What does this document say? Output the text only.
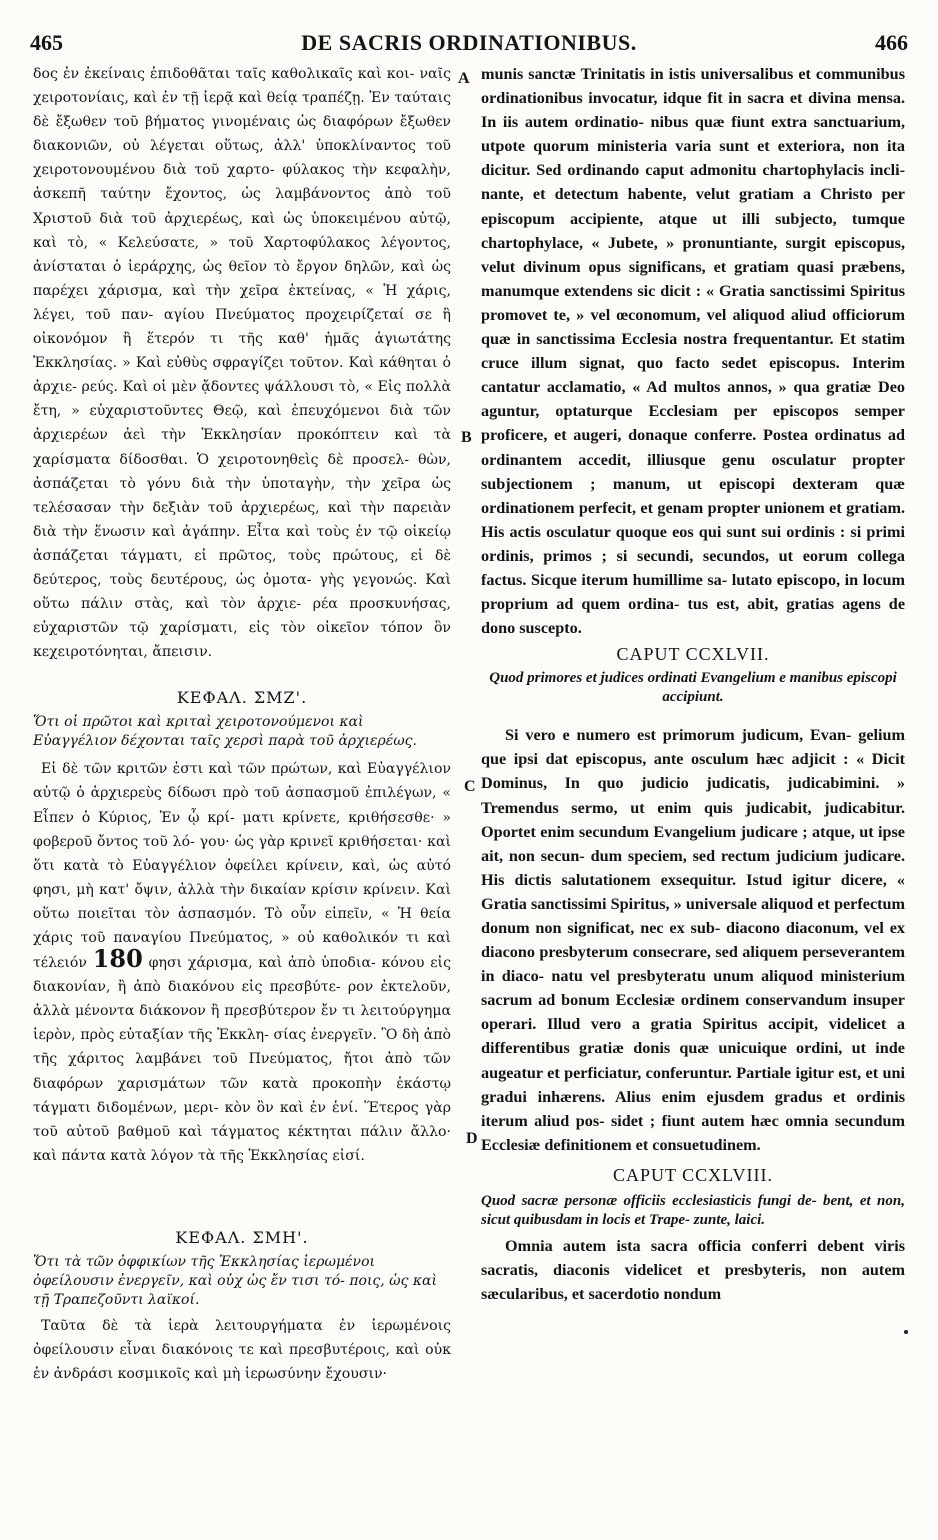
465	DE SACRIS ORDINATIONIBUS.	466
A
B
C
D

δος ἐν ἐκείναις ἐπιδοθᾶται ταῖς καθολικαῖς καὶ κοι- ναῖς χειροτονίαις, καὶ ἐν τῇ ἱερᾷ καὶ θείᾳ τραπέζῃ. Ἐν ταύταις δὲ ἔξωθεν τοῦ βήματος γινομέναις ὡς διαφόρων ἔξωθεν διακονιῶν, οὐ λέγεται οὕτως, ἀλλ' ὑποκλίναντος τοῦ χειροτονουμένου διὰ τοῦ χαρτο- φύλακος τὴν κεφαλὴν, ἀσκεπῆ ταύτην ἔχοντος, ὡς λαμβάνοντος ἀπὸ τοῦ Χριστοῦ διὰ τοῦ ἀρχιερέως, καὶ ὡς ὑποκειμένου αὐτῷ, καὶ τὸ, « Κελεύσατε, » τοῦ Χαρτοφύλακος λέγοντος, ἀνίσταται ὁ ἱεράρχης, ὡς θεῖον τὸ ἔργον δηλῶν, καὶ ὡς παρέχει χάρισμα, καὶ τὴν χεῖρα ἐκτείνας, « Ἡ χάρις, λέγει, τοῦ παν- αγίου Πνεύματος προχειρίζεταί σε ἢ οἰκονόμον ἢ ἕτερόν τι τῆς καθ' ἡμᾶς ἁγιωτάτης Ἐκκλησίας. » Καὶ εὐθὺς σφραγίζει τοῦτον. Καὶ κάθηται ὁ ἀρχιε- ρεύς. Καὶ οἱ μὲν ᾄδοντες ψάλλουσι τὸ, « Εἰς πολλὰ ἔτη, » εὐχαριστοῦντες Θεῷ, καὶ ἐπευχόμενοι διὰ τῶν ἀρχιερέων ἀεὶ τὴν Ἐκκλησίαν προκόπτειν καὶ τὰ χαρίσματα δίδοσθαι. Ὁ χειροτονηθεὶς δὲ προσελ- θὼν, ἀσπάζεται τὸ γόνυ διὰ τὴν ὑποταγὴν, τὴν χεῖρα ὡς τελέσασαν τὴν δεξιὰν τοῦ ἀρχιερέως, καὶ τὴν παρειὰν διὰ τὴν ἕνωσιν καὶ ἀγάπην. Εἶτα καὶ τοὺς ἐν τῷ οἰκείῳ ἀσπάζεται τάγματι, εἰ πρῶτος, τοὺς πρώτους, εἰ δὲ δεύτερος, τοὺς δευτέρους, ὡς ὁμοτα- γὴς γεγονώς. Καὶ οὕτω πάλιν στὰς, καὶ τὸν ἀρχιε- ρέα προσκυνήσας, εὐχαριστῶν τῷ χαρίσματι, εἰς τὸν οἰκεῖον τόπον ὃν κεχειροτόνηται, ἄπεισιν.

ΚΕΦΑΛ. ΣΜΖ'.

Ὅτι οἱ πρῶτοι καὶ κριταὶ χειροτονούμενοι καὶ Εὐαγγέλιον δέχονται ταῖς χερσὶ παρὰ τοῦ ἀρχιερέως.

Εἰ δὲ τῶν κριτῶν ἐστι καὶ τῶν πρώτων, καὶ Εὐαγγέλιον αὐτῷ ὁ ἀρχιερεὺς δίδωσι πρὸ τοῦ ἀσπασμοῦ ἐπιλέγων, « Εἶπεν ὁ Κύριος, Ἐν ᾧ κρί- ματι κρίνετε, κριθήσεσθε· » φοβεροῦ ὄντος τοῦ λό- γου· ὡς γὰρ κρινεῖ κριθήσεται· καὶ ὅτι κατὰ τὸ Εὐαγγέλιον ὀφείλει κρίνειν, καὶ, ὡς αὐτό φησι, μὴ κατ' ὄψιν, ἀλλὰ τὴν δικαίαν κρίσιν κρίνειν. Καὶ οὕτω ποιεῖται τὸν ἀσπασμόν. Τὸ οὖν εἰπεῖν, « Ἡ θεία χάρις τοῦ παναγίου Πνεύματος, » οὐ καθολικόν τι καὶ τέλειόν 180 φησι χάρισμα, καὶ ἀπὸ ὑποδια- κόνου εἰς διακονίαν, ἢ ἀπὸ διακόνου εἰς πρεσβύτε- ρον ἐκτελοῦν, ἀλλὰ μένοντα διάκονον ἢ πρεσβύτερον ἔν τι λειτούργημα ἱερὸν, πρὸς εὐταξίαν τῆς Ἐκκλη- σίας ἐνεργεῖν. Ὃ δὴ ἀπὸ τῆς χάριτος λαμβάνει τοῦ Πνεύματος, ἤτοι ἀπὸ τῶν διαφόρων χαρισμάτων τῶν κατὰ προκοπὴν ἑκάστῳ τάγματι διδομένων, μερι- κὸν ὂν καὶ ἐν ἑνί. Ἕτερος γὰρ τοῦ αὐτοῦ βαθμοῦ καὶ τάγματος κέκτηται πάλιν ἄλλο· καὶ πάντα κατὰ λόγον τὰ τῆς Ἐκκλησίας εἰσί.

ΚΕΦΑΛ. ΣΜΗ'.

Ὅτι τὰ τῶν ὀφφικίων τῆς Ἐκκλησίας ἱερωμένοι ὀφείλουσιν ἐνεργεῖν, καὶ οὐχ ὡς ἔν τισι τό- ποις, ὡς καὶ τῇ Τραπεζοῦντι λαϊκοί.

Ταῦτα δὲ τὰ ἱερὰ λειτουργήματα ἐν ἱερωμένοις ὀφείλουσιν εἶναι διακόνοις τε καὶ πρεσβυτέροις, καὶ οὐκ ἐν ἀνδράσι κοσμικοῖς καὶ μὴ ἱερωσύνην ἔχουσιν·

munis sanctæ Trinitatis in istis universalibus et communibus ordinationibus invocatur, idque fit in sacra et divina mensa. In iis autem ordinatio- nibus quæ fiunt extra sanctuarium, utpote quorum ministeria varia sunt et exteriora, non ita dicitur. Sed ordinando caput admonitu chartophylacis incli- nante, et detectum habente, velut gratiam a Christo per episcopum accipiente, atque ut illi subjecto, tumque chartophylace, « Jubete, » pronuntiante, surgit episcopus, velut divinum opus significans, et gratiam quasi præbens, manumque extendens sic dicit : « Gratia sanctissimi Spiritus promovet te, » vel œconomum, vel aliquod aliud officiorum quæ in sanctissima Ecclesia nostra frequentantur. Et statim cruce illum signat, quo facto sedet episcopus. Interim cantatur acclamatio, « Ad multos annos, » qua gratiæ Deo aguntur, optaturque Ecclesiam per episcopos semper proficere, et augeri, donaque conferre. Postea ordinatus ad ordinantem accedit, illiusque genu osculatur propter subjectionem ; manum, ut episcopi dexteram quæ ordinationem perfecit, et genam propter unionem et gratiam. His actis osculatur quoque eos qui sunt sui ordinis : si primi ordinis, primos ; si secundi, secundos, ut eorum collega factus. Sicque iterum humillime sa- lutato episcopo, in locum proprium ad quem ordina- tus est, abit, gratias agens de dono suscepto.

CAPUT CCXLVII.

Quod primores et judices ordinati Evangelium e manibus episcopi accipiunt.

Si vero e numero est primorum judicum, Evan- gelium que ipsi dat episcopus, ante osculum hæc adjicit : « Dicit Dominus, In quo judicio judicatis, judicabimini. » Tremendus sermo, ut enim quis judicabit, judicabitur. Oportet enim secundum Evangelium judicare ; atque, ut ipse ait, non secun- dum speciem, sed rectum judicium judicare. His dictis salutationem exsequitur. Istud igitur dicere, « Gratia sanctissimi Spiritus, » universale aliquod et perfectum donum non significat, nec ex sub- diacono diaconum, vel ex diacono presbyterum consecrare, sed aliquem perseverantem in diaco- natu vel presbyteratu unum aliquod ministerium sacrum ad bonum Ecclesiæ ordinem conservandum insuper operari. Illud vero a gratia Spiritus accipit, videlicet a differentibus gratiæ donis quæ unicuique ordini, ut inde augeatur et perficiatur, conferuntur. Partiale igitur est, et uni gradui inhærens. Alius enim ejusdem gradus et ordinis iterum aliud pos- sidet ; fiunt autem hæc omnia secundum Ecclesiæ definitionem et consuetudinem.

CAPUT CCXLVIII.

Quod sacræ personæ officiis ecclesiasticis fungi de- bent, et non, sicut quibusdam in locis et Trape- zunte, laici.

Omnia autem ista sacra officia conferri debent viris sacratis, diaconis videlicet et presbyteris, non autem sæcularibus, et sacerdotio nondum
